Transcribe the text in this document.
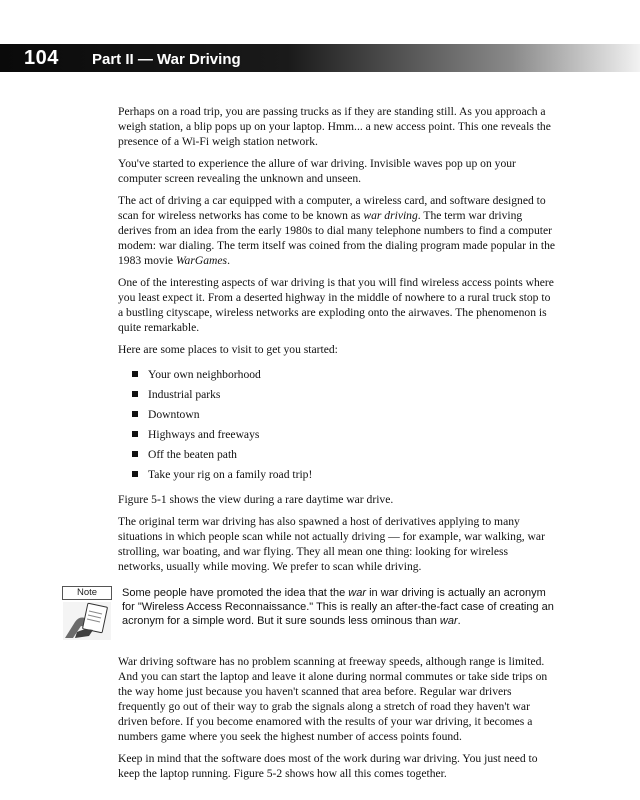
104 Part II — War Driving

Perhaps on a road trip, you are passing trucks as if they are standing still. As you approach a weigh station, a blip pops up on your laptop. Hmm... a new access point. This one reveals the presence of a Wi-Fi weigh station network.

You've started to experience the allure of war driving. Invisible waves pop up on your computer screen revealing the unknown and unseen.

The act of driving a car equipped with a computer, a wireless card, and software designed to scan for wireless networks has come to be known as war driving. The term war driving derives from an idea from the early 1980s to dial many telephone numbers to find a computer modem: war dialing. The term itself was coined from the dialing program made popular in the 1983 movie WarGames.

One of the interesting aspects of war driving is that you will find wireless access points where you least expect it. From a deserted highway in the middle of nowhere to a rural truck stop to a bustling cityscape, wireless networks are exploding onto the airwaves. The phenomenon is quite remarkable.

Here are some places to visit to get you started:

Your own neighborhood
Industrial parks
Downtown
Highways and freeways
Off the beaten path
Take your rig on a family road trip!

Figure 5-1 shows the view during a rare daytime war drive.

The original term war driving has also spawned a host of derivatives applying to many situations in which people scan while not actually driving — for example, war walking, war strolling, war boating, and war flying. They all mean one thing: looking for wireless networks, usually while moving. We prefer to scan while driving.

Note	Some people have promoted the idea that the war in war driving is actually an acronym for "Wireless Access Reconnaissance." This is really an after-the-fact case of creating an acronym for a simple word. But it sure sounds less ominous than war.

War driving software has no problem scanning at freeway speeds, although range is limited. And you can start the laptop and leave it alone during normal commutes or take side trips on the way home just because you haven't scanned that area before. Regular war drivers frequently go out of their way to grab the signals along a stretch of road they haven't war driven before. If you become enamored with the results of your war driving, it becomes a numbers game where you seek the highest number of access points found.

Keep in mind that the software does most of the work during war driving. You just need to keep the laptop running. Figure 5-2 shows how all this comes together.
